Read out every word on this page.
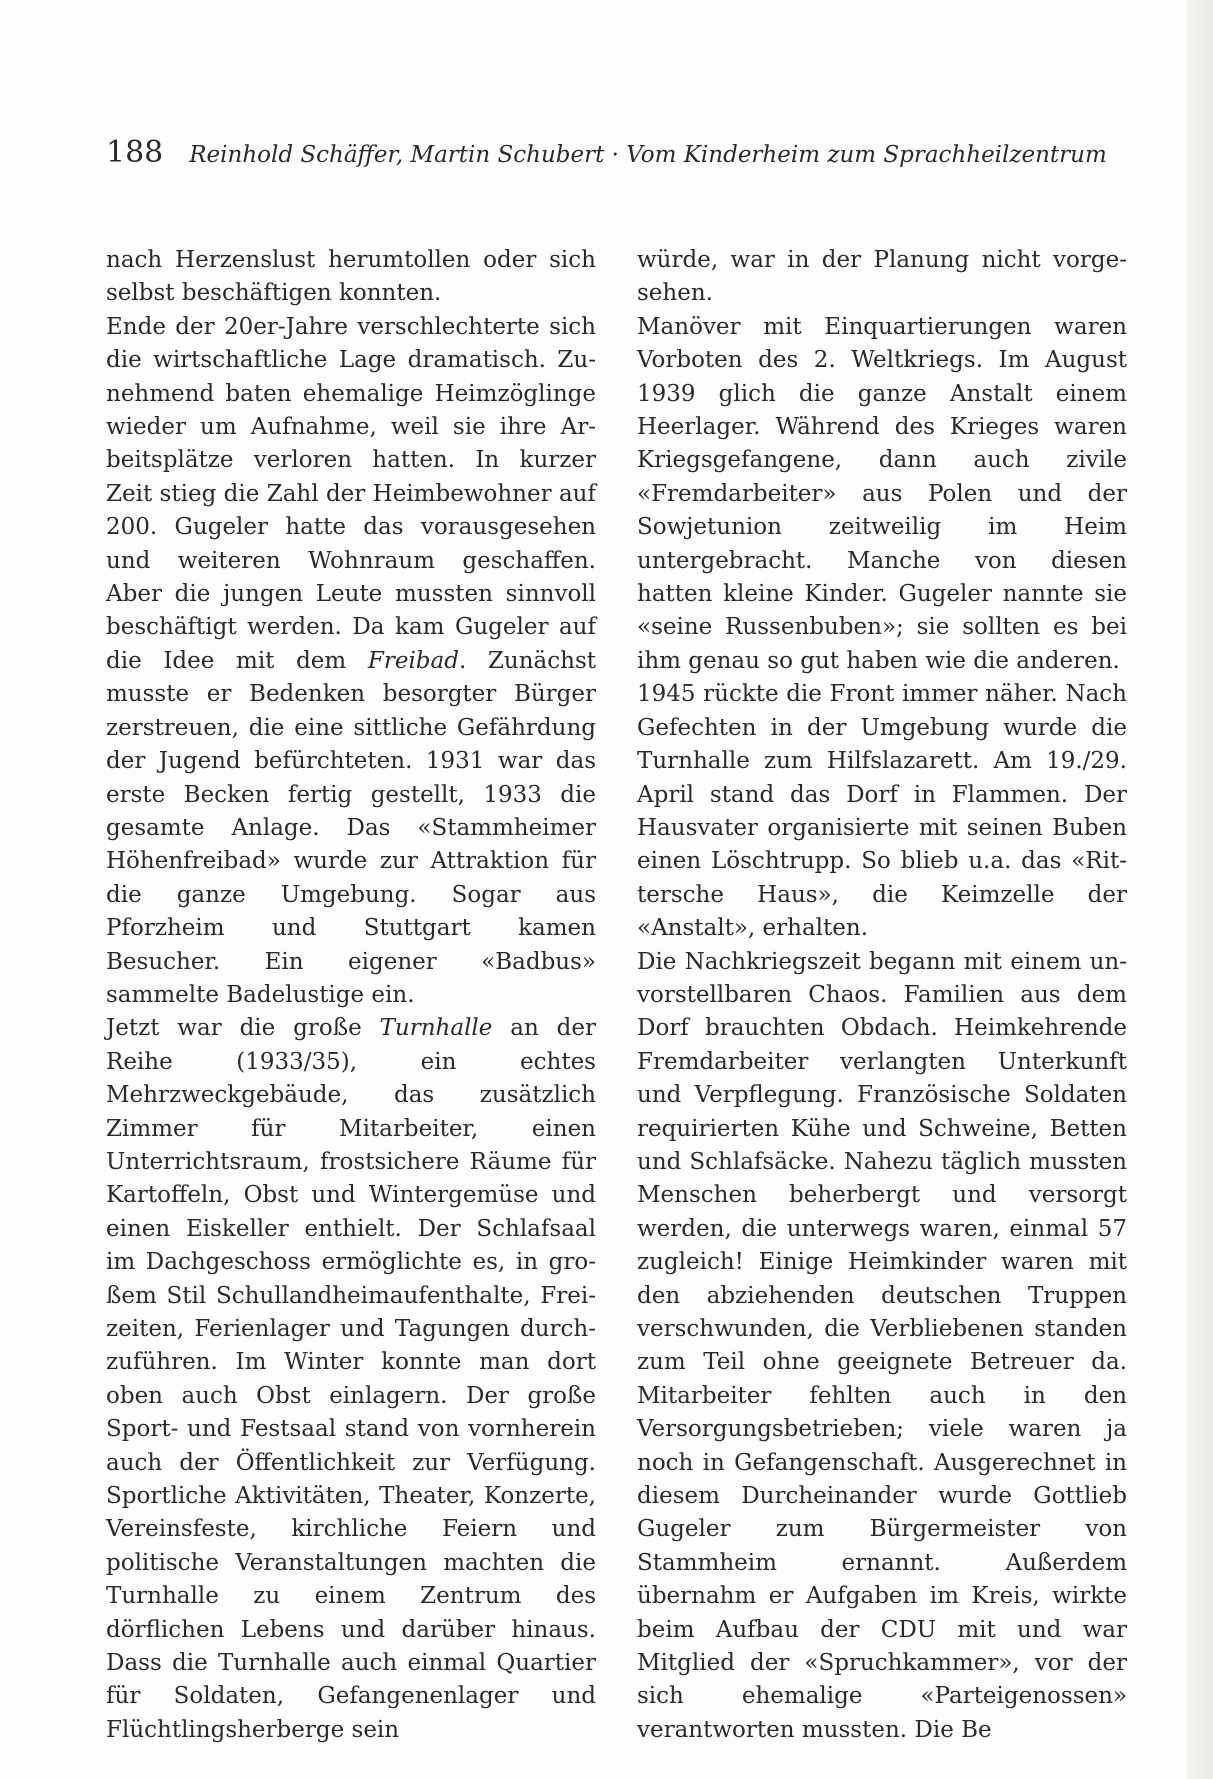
188 Reinhold Schäffer, Martin Schubert · Vom Kinderheim zum Sprachheilzentrum

nach Herzenslust herumtollen oder sich selbst beschäftigen konnten.

Ende der 20er-Jahre verschlechterte sich die wirtschaftliche Lage dramatisch. Zunehmend baten ehemalige Heimzöglinge wieder um Aufnahme, weil sie ihre Arbeitsplätze verloren hatten. In kurzer Zeit stieg die Zahl der Heimbewohner auf 200. Gugeler hatte das vorausgesehen und weiteren Wohnraum geschaffen. Aber die jungen Leute mussten sinnvoll beschäftigt werden. Da kam Gugeler auf die Idee mit dem Freibad. Zunächst musste er Bedenken besorgter Bürger zerstreuen, die eine sittliche Gefährdung der Jugend befürchteten. 1931 war das erste Becken fertig gestellt, 1933 die gesamte Anlage. Das «Stammheimer Höhenfreibad» wurde zur Attraktion für die ganze Umgebung. Sogar aus Pforzheim und Stuttgart kamen Besucher. Ein eigener «Badbus» sammelte Badelustige ein.

Jetzt war die große Turnhalle an der Reihe (1933/35), ein echtes Mehrzweckgebäude, das zusätzlich Zimmer für Mitarbeiter, einen Unterrichtsraum, frostsichere Räume für Kartoffeln, Obst und Wintergemüse und einen Eiskeller enthielt. Der Schlafsaal im Dachgeschoss ermöglichte es, in großem Stil Schullandheimaufenthalte, Freizeiten, Ferienlager und Tagungen durchzuführen. Im Winter konnte man dort oben auch Obst einlagern. Der große Sport- und Festsaal stand von vornherein auch der Öffentlichkeit zur Verfügung. Sportliche Aktivitäten, Theater, Konzerte, Vereinsfeste, kirchliche Feiern und politische Veranstaltungen machten die Turnhalle zu einem Zentrum des dörflichen Lebens und darüber hinaus. Dass die Turnhalle auch einmal Quartier für Soldaten, Gefangenenlager und Flüchtlingsherberge sein

würde, war in der Planung nicht vorgesehen.

Manöver mit Einquartierungen waren Vorboten des 2. Weltkriegs. Im August 1939 glich die ganze Anstalt einem Heerlager. Während des Krieges waren Kriegsgefangene, dann auch zivile «Fremdarbeiter» aus Polen und der Sowjetunion zeitweilig im Heim untergebracht. Manche von diesen hatten kleine Kinder. Gugeler nannte sie «seine Russenbuben»; sie sollten es bei ihm genau so gut haben wie die anderen.

1945 rückte die Front immer näher. Nach Gefechten in der Umgebung wurde die Turnhalle zum Hilfslazarett. Am 19./29. April stand das Dorf in Flammen. Der Hausvater organisierte mit seinen Buben einen Löschtrupp. So blieb u.a. das «Rittersche Haus», die Keimzelle der «Anstalt», erhalten.

Die Nachkriegszeit begann mit einem unvorstellbaren Chaos. Familien aus dem Dorf brauchten Obdach. Heimkehrende Fremdarbeiter verlangten Unterkunft und Verpflegung. Französische Soldaten requirierten Kühe und Schweine, Betten und Schlafsäcke. Nahezu täglich mussten Menschen beherbergt und versorgt werden, die unterwegs waren, einmal 57 zugleich! Einige Heimkinder waren mit den abziehenden deutschen Truppen verschwunden, die Verbliebenen standen zum Teil ohne geeignete Betreuer da. Mitarbeiter fehlten auch in den Versorgungsbetrieben; viele waren ja noch in Gefangenschaft. Ausgerechnet in diesem Durcheinander wurde Gottlieb Gugeler zum Bürgermeister von Stammheim ernannt. Außerdem übernahm er Aufgaben im Kreis, wirkte beim Aufbau der CDU mit und war Mitglied der «Spruchkammer», vor der sich ehemalige «Parteigenossen» verantworten mussten. Die Be
